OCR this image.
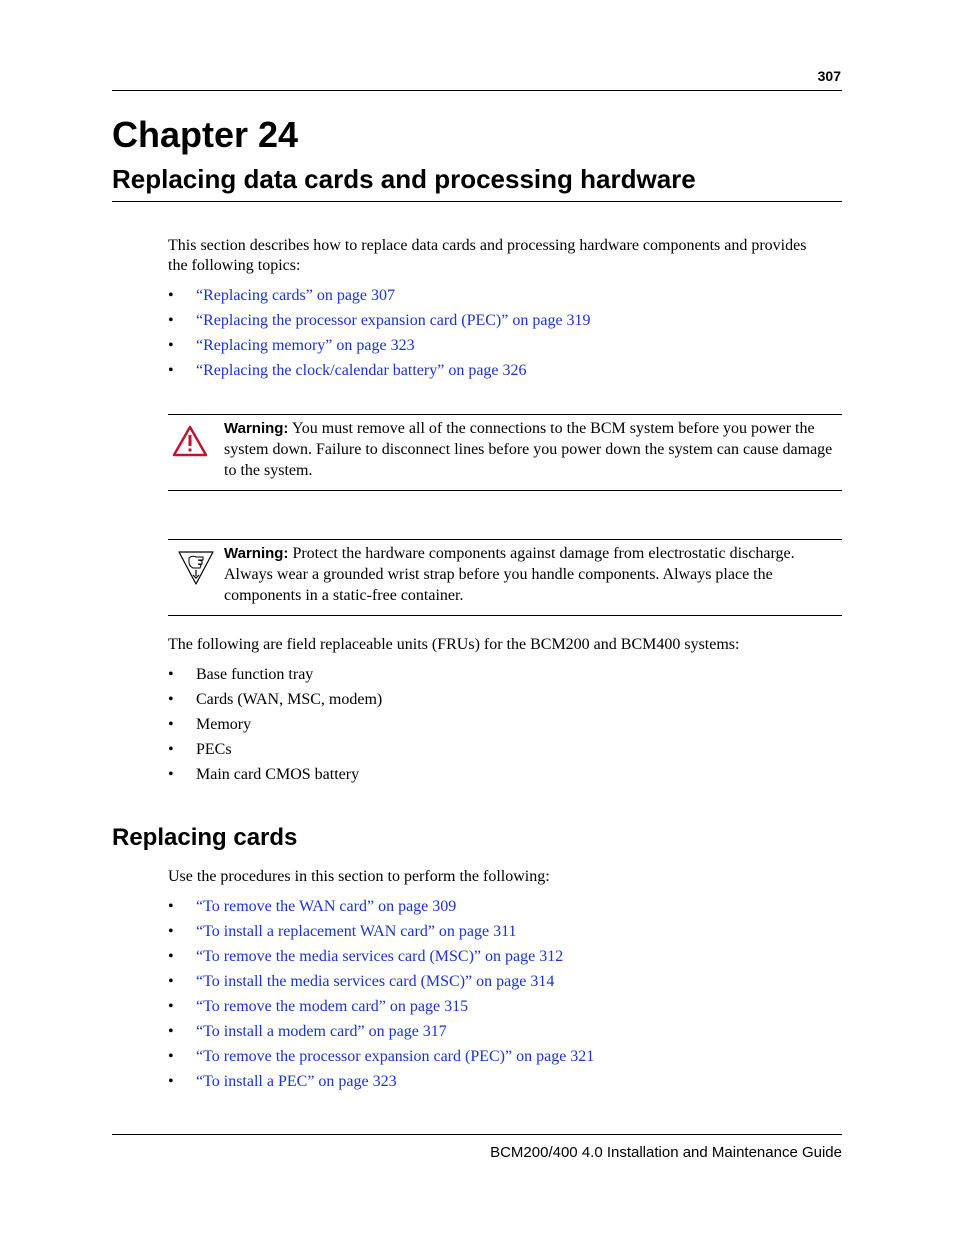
307
Chapter 24
Replacing data cards and processing hardware

This section describes how to replace data cards and processing hardware components and provides the following topics:

• “Replacing cards” on page 307
• “Replacing the processor expansion card (PEC)” on page 319
• “Replacing memory” on page 323
• “Replacing the clock/calendar battery” on page 326
Warning: You must remove all of the connections to the BCM system before you power the system down. Failure to disconnect lines before you power down the system can cause damage to the system.
Warning: Protect the hardware components against damage from electrostatic discharge. Always wear a grounded wrist strap before you handle components. Always place the components in a static-free container.

The following are field replaceable units (FRUs) for the BCM200 and BCM400 systems:

• Base function tray
• Cards (WAN, MSC, modem)
• Memory
• PECs
• Main card CMOS battery
Replacing cards

Use the procedures in this section to perform the following:

• “To remove the WAN card” on page 309
• “To install a replacement WAN card” on page 311
• “To remove the media services card (MSC)” on page 312
• “To install the media services card (MSC)” on page 314
• “To remove the modem card” on page 315
• “To install a modem card” on page 317
• “To remove the processor expansion card (PEC)” on page 321
• “To install a PEC” on page 323
BCM200/400 4.0 Installation and Maintenance Guide
